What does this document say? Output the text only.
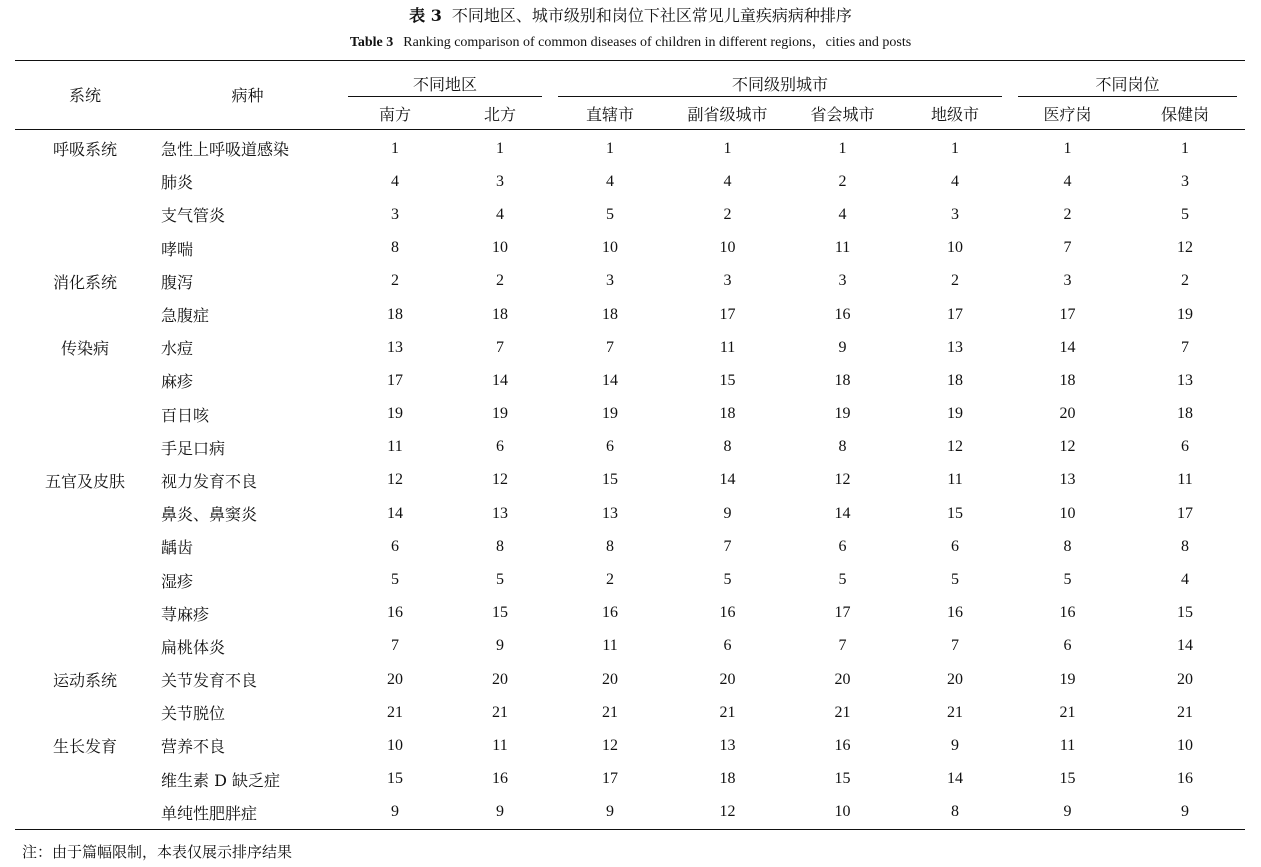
表 3 不同地区、城市级别和岗位下社区常见儿童疾病病种排序
Table 3 Ranking comparison of common diseases of children in different regions，cities and posts
系统	病种	不同地区		不同级别城市				不同岗位	

		南方	北方	直辖市	副省级城市	省会城市	地级市	医疗岗	保健岗
呼吸系统	急性上呼吸道感染	1	1	1	1	1	1	1	1
	肺炎	4	3	4	4	2	4	4	3
	支气管炎	3	4	5	2	4	3	2	5
	哮喘	8	10	10	10	11	10	7	12
消化系统	腹泻	2	2	3	3	3	2	3	2
	急腹症	18	18	18	17	16	17	17	19
传染病	水痘	13	7	7	11	9	13	14	7
	麻疹	17	14	14	15	18	18	18	13
	百日咳	19	19	19	18	19	19	20	18
	手足口病	11	6	6	8	8	12	12	6
五官及皮肤	视力发育不良	12	12	15	14	12	11	13	11
	鼻炎、鼻窦炎	14	13	13	9	14	15	10	17
	龋齿	6	8	8	7	6	6	8	8
	湿疹	5	5	2	5	5	5	5	4
	荨麻疹	16	15	16	16	17	16	16	15
	扁桃体炎	7	9	11	6	7	7	6	14
运动系统	关节发育不良	20	20	20	20	20	20	19	20
	关节脱位	21	21	21	21	21	21	21	21
生长发育	营养不良	10	11	12	13	16	9	11	10
	维生素 D 缺乏症	15	16	17	18	15	14	15	16
	单纯性肥胖症	9	9	9	12	10	8	9	9
注：由于篇幅限制，本表仅展示排序结果
